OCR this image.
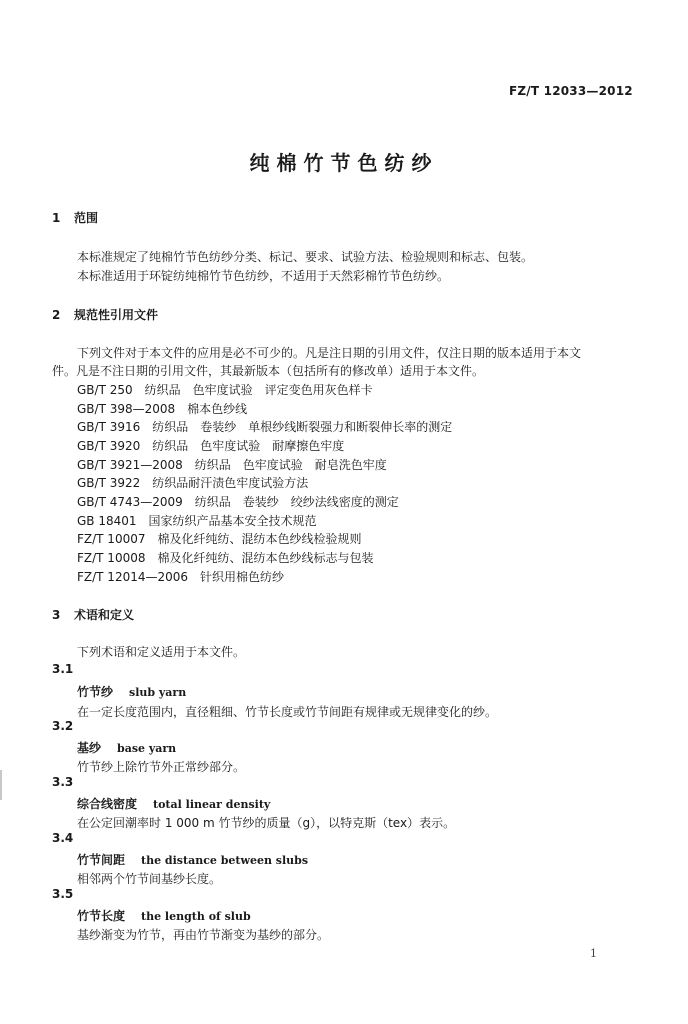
FZ/T 12033—2012
纯棉竹节色纺纱
1 范围
本标准规定了纯棉竹节色纺纱分类、标记、要求、试验方法、检验规则和标志、包装。
本标准适用于环锭纺纯棉竹节色纺纱，不适用于天然彩棉竹节色纺纱。
2 规范性引用文件
下列文件对于本文件的应用是必不可少的。凡是注日期的引用文件，仅注日期的版本适用于本文
件。凡是不注日期的引用文件，其最新版本（包括所有的修改单）适用于本文件。
GB/T 250　纺织品　色牢度试验　评定变色用灰色样卡
GB/T 398—2008　棉本色纱线
GB/T 3916　纺织品　卷装纱　单根纱线断裂强力和断裂伸长率的测定
GB/T 3920　纺织品　色牢度试验　耐摩擦色牢度
GB/T 3921—2008　纺织品　色牢度试验　耐皂洗色牢度
GB/T 3922　纺织品耐汗渍色牢度试验方法
GB/T 4743—2009　纺织品　卷装纱　绞纱法线密度的测定
GB 18401　国家纺织产品基本安全技术规范
FZ/T 10007　棉及化纤纯纺、混纺本色纱线检验规则
FZ/T 10008　棉及化纤纯纺、混纺本色纱线标志与包装
FZ/T 12014—2006　针织用棉色纺纱
3 术语和定义
下列术语和定义适用于本文件。
3.1
竹节纱 slub yarn
在一定长度范围内，直径粗细、竹节长度或竹节间距有规律或无规律变化的纱。
3.2
基纱 base yarn
竹节纱上除竹节外正常纱部分。
3.3
综合线密度 total linear density
在公定回潮率时 1 000 m 竹节纱的质量（g），以特克斯（tex）表示。
3.4
竹节间距 the distance between slubs
相邻两个竹节间基纱长度。
3.5
竹节长度 the length of slub
基纱渐变为竹节，再由竹节渐变为基纱的部分。
1
